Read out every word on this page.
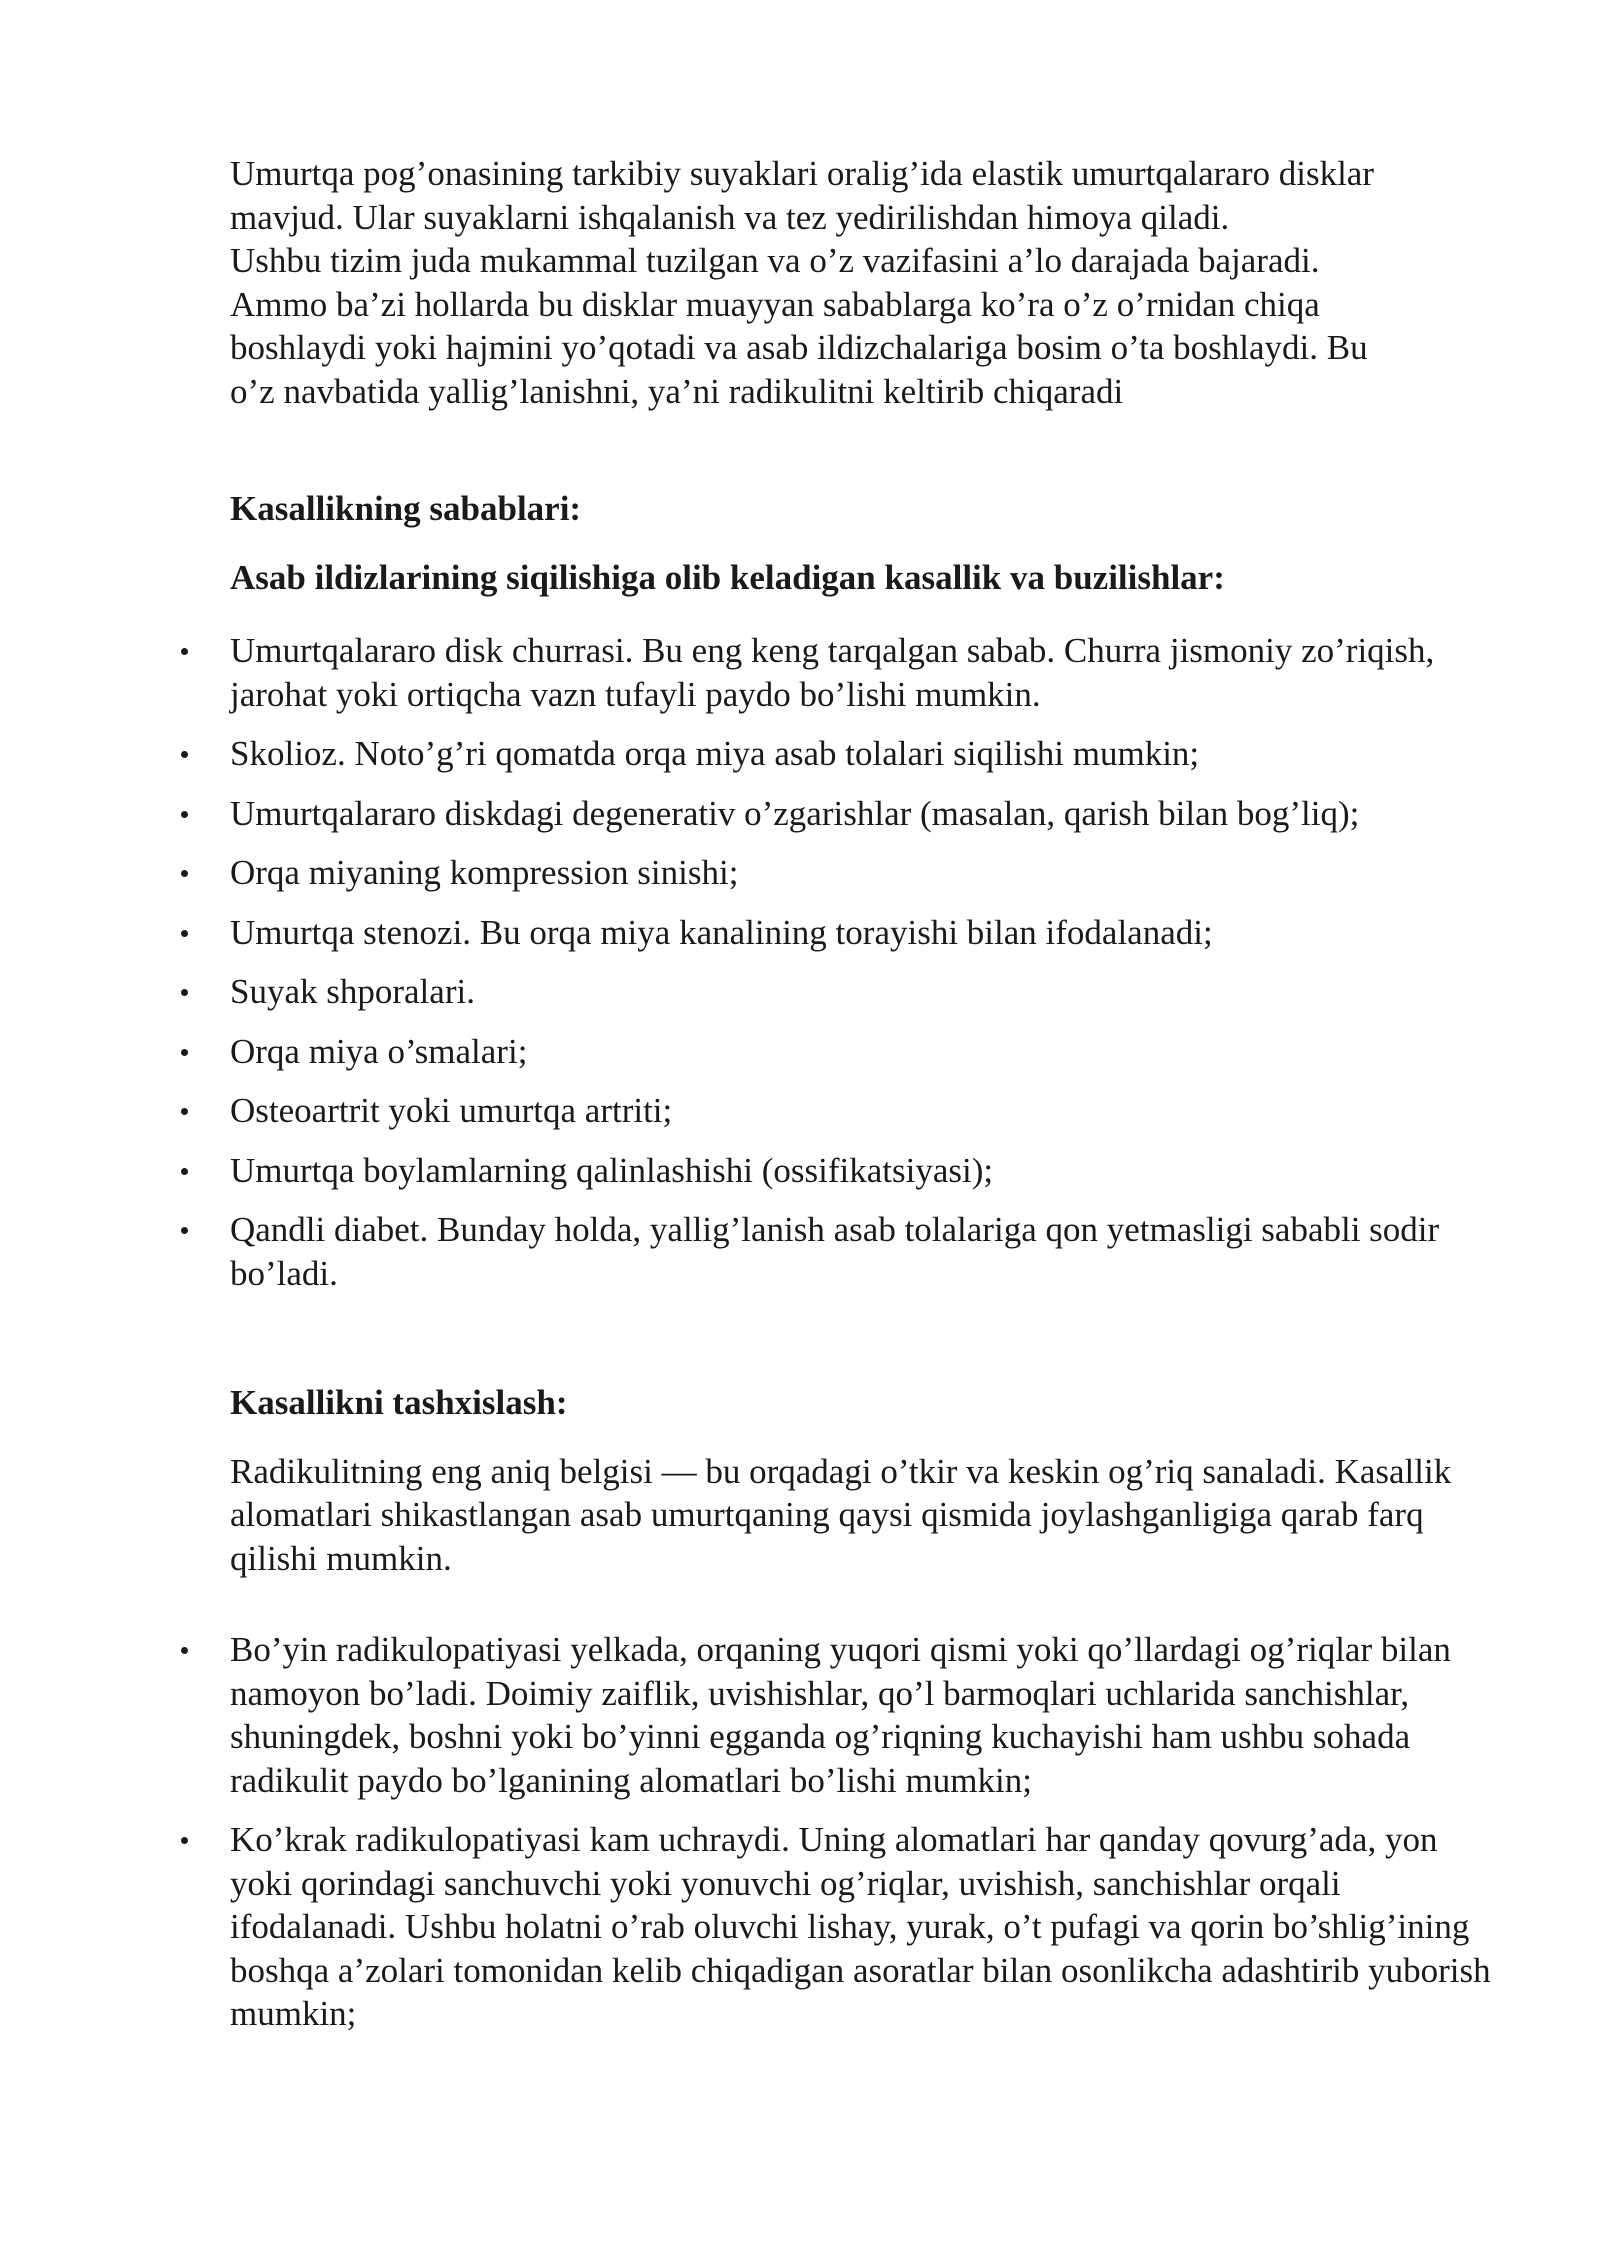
Umurtqa pog’onasining tarkibiy suyaklari oralig’ida elastik umurtqalararo disklar

mavjud. Ular suyaklarni ishqalanish va tez yedirilishdan himoya qiladi.

Ushbu tizim juda mukammal tuzilgan va o’z vazifasini a’lo darajada bajaradi.

Ammo ba’zi hollarda bu disklar muayyan sabablarga ko’ra o’z o’rnidan chiqa

boshlaydi yoki hajmini yo’qotadi va asab ildizchalariga bosim o’ta boshlaydi. Bu

o’z navbatida yallig’lanishni, ya’ni radikulitni keltirib chiqaradi

Kasallikning sabablari:

Asab ildizlarining siqilishiga olib keladigan kasallik va buzilishlar:

Umurtqalararo disk churrasi. Bu eng keng tarqalgan sabab. Churra jismoniy zo’riqish, jarohat yoki ortiqcha vazn tufayli paydo bo’lishi mumkin.
Skolioz. Noto’g’ri qomatda orqa miya asab tolalari siqilishi mumkin;
Umurtqalararo diskdagi degenerativ o’zgarishlar (masalan, qarish bilan bog’liq);
Orqa miyaning kompression sinishi;
Umurtqa stenozi. Bu orqa miya kanalining torayishi bilan ifodalanadi;
Suyak shporalari.
Orqa miya o’smalari;
Osteoartrit yoki umurtqa artriti;
Umurtqa boylamlarning qalinlashishi (ossifikatsiyasi);
Qandli diabet. Bunday holda, yallig’lanish asab tolalariga qon yetmasligi sababli sodir bo’ladi.

Kasallikni tashxislash:

Radikulitning eng aniq belgisi — bu orqadagi o’tkir va keskin og’riq sanaladi. Kasallik alomatlari shikastlangan asab umurtqaning qaysi qismida joylashganligiga qarab farq qilishi mumkin.

Bo’yin radikulopatiyasi yelkada, orqaning yuqori qismi yoki qo’llardagi og’riqlar bilan namoyon bo’ladi. Doimiy zaiflik, uvishishlar, qo’l barmoqlari uchlarida sanchishlar, shuningdek, boshni yoki bo’yinni egganda og’riqning kuchayishi ham ushbu sohada radikulit paydo bo’lganining alomatlari bo’lishi mumkin;
Ko’krak radikulopatiyasi kam uchraydi. Uning alomatlari har qanday qovurg’ada, yon yoki qorindagi sanchuvchi yoki yonuvchi og’riqlar, uvishish, sanchishlar orqali ifodalanadi. Ushbu holatni o’rab oluvchi lishay, yurak, o’t pufagi va qorin bo’shlig’ining boshqa a’zolari tomonidan kelib chiqadigan asoratlar bilan osonlikcha adashtirib yuborish mumkin;
